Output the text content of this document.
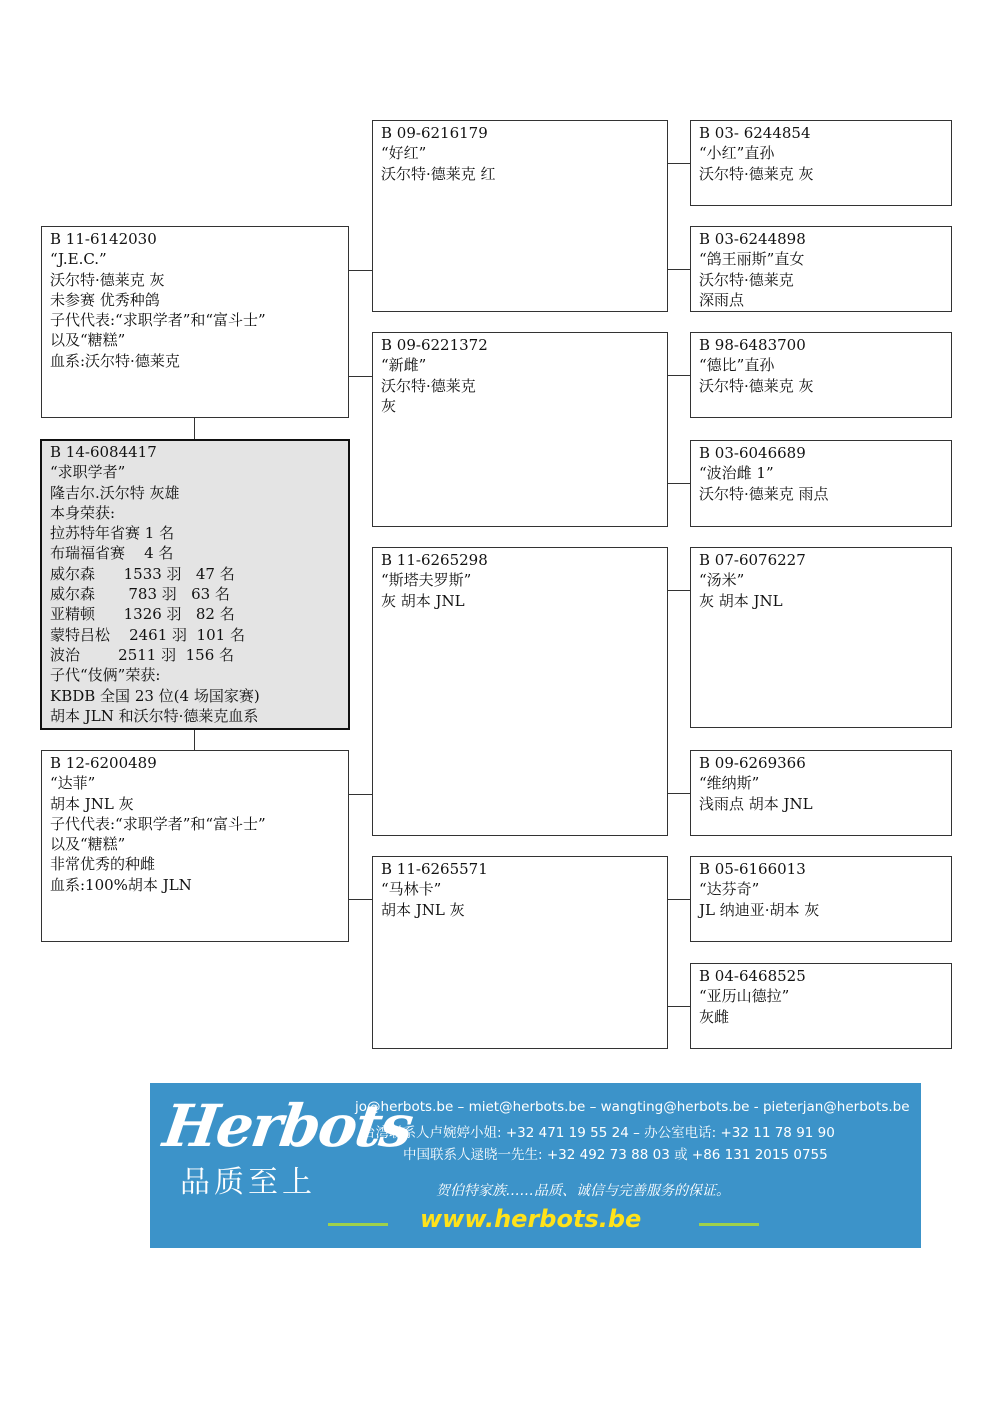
B 03- 6244854
“小红”直孙
沃尔特·德莱克 灰
B 03-6244898
“鸽王丽斯”直女
沃尔特·德莱克
深雨点
B 98-6483700
“德比”直孙
沃尔特·德莱克 灰
B 03-6046689
“波治雌 1”
沃尔特·德莱克 雨点
B 07-6076227
“汤米”
灰 胡本 JNL
B 09-6269366
“维纳斯”
浅雨点 胡本 JNL
B 05-6166013
“达芬奇”
JL 纳迪亚·胡本 灰
B 04-6468525
“亚历山德拉”
灰雌
B 09-6216179
“好红”
沃尔特·德莱克 红
B 09-6221372
“新雌”
沃尔特·德莱克
灰
B 11-6265298
“斯塔夫罗斯”
灰 胡本 JNL
B 11-6265571
“马林卡”
胡本 JNL 灰
B 11-6142030
“J.E.C.”
沃尔特·德莱克 灰
未参赛 优秀种鸽
子代代表:“求职学者”和“富斗士”
以及“糖糕”
血系:沃尔特·德莱克
B 14-6084417
“求职学者”
隆吉尔.沃尔特 灰雄
本身荣获:
拉苏特年省赛 1 名
布瑞福省赛    4 名
威尔森      1533 羽   47 名
威尔森       783 羽   63 名
亚精顿      1326 羽   82 名
蒙特吕松    2461 羽  101 名
波治        2511 羽  156 名
子代“伎俩”荣获:
KBDB 全国 23 位(4 场国家赛)
胡本 JLN 和沃尔特·德莱克血系
B 12-6200489
“达菲”
胡本 JNL 灰
子代代表:“求职学者”和“富斗士”
以及“糖糕”
非常优秀的种雌
血系:100%胡本 JLN
Herbots
品质至上
jo@herbots.be – miet@herbots.be – wangting@herbots.be - pieterjan@herbots.be
台湾联系人卢婉婷小姐: +32 471 19 55 24 – 办公室电话: +32 11 78 91 90
中国联系人逯晓一先生: +32 492 73 88 03 或 +86 131 2015 0755
贺伯特家族……品质、诚信与完善服务的保证。
www.herbots.be
